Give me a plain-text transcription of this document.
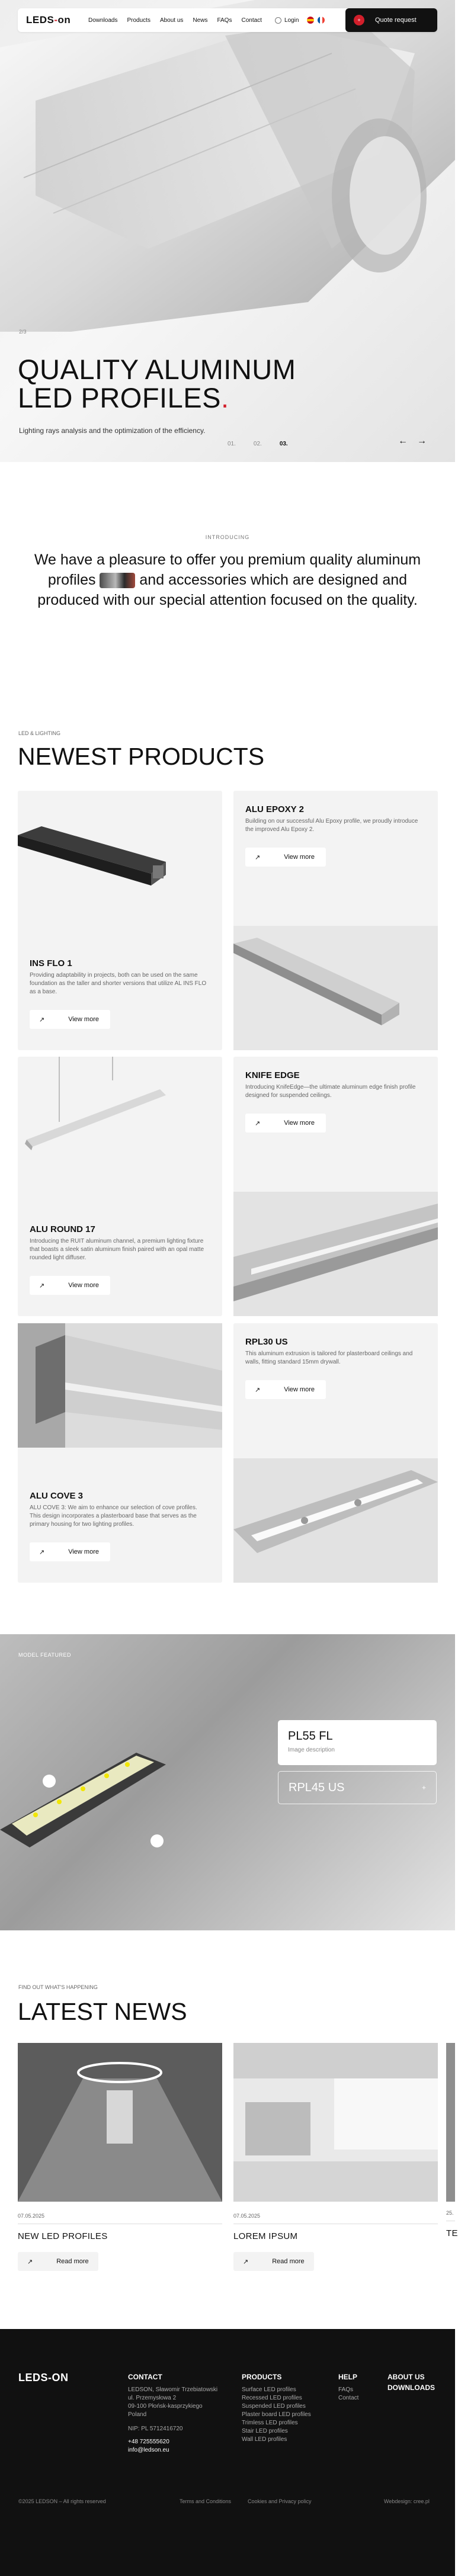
LEDS-on	Downloads Products About us News FAQs Contact	Login	+	Quote request
2/3
QUALITY ALUMINUM
LED PROFILES.

Lighting rays analysis and the optimization of the efficiency.

01.	02.	03.	← →
INTRODUCING

We have a pleasure to offer you premium quality aluminum profiles	and accessories which are designed and produced with our special attention focused on the quality.

LED & LIGHTING
NEWEST PRODUCTS
INS FLO 1
Providing adaptability in projects, both can be used on the same foundation as the taller and shorter versions that utilize AL INS FLO as a base.
↗	View more
ALU EPOXY 2
Building on our successful Alu Epoxy profile, we proudly introduce the improved Alu Epoxy 2.
↗	View more
ALU ROUND 17
Introducing the RUIT aluminum channel, a premium lighting fixture that boasts a sleek satin aluminum finish paired with an opal matte rounded light diffuser.
↗	View more
KNIFE EDGE
Introducing KnifeEdge—the ultimate aluminum edge finish profile designed for suspended ceilings.
↗	View more
ALU COVE 3
ALU COVE 3: We aim to enhance our selection of cove profiles. This design incorporates a plasterboard base that serves as the primary housing for two lighting profiles.
↗	View more
RPL30 US
This aluminum extrusion is tailored for plasterboard ceilings and walls, fitting standard 15mm drywall.
↗	View more
MODEL FEATURED
PL55 FL
Image description
RPL45 US	+
FIND OUT WHAT'S HAPPENING
LATEST NEWS
07.05.2025
NEW LED PROFILES
↗	Read more
07.05.2025
LOREM IPSUM
↗	Read more
25.
TE
LEDS-ON	CONTACT
LEDSON, Sławomir Trzebiatowski
ul. Przemysłowa 2
09-100 Płońsk-kasprzykiego
Poland
NIP: PL 5712416720
+48 725555620
info@ledson.eu
PRODUCTS
Surface LED profiles
Recessed LED profiles
Suspended LED profiles
Plaster board LED profiles
Trimless LED profiles
Stair LED profiles
Wall LED profiles
HELP
FAQs
Contact
ABOUT US
DOWNLOADS
©2025 LEDSON – All rights reserved	Terms and Conditions	Cookies and Privacy policy	Webdesign: cree.pl
